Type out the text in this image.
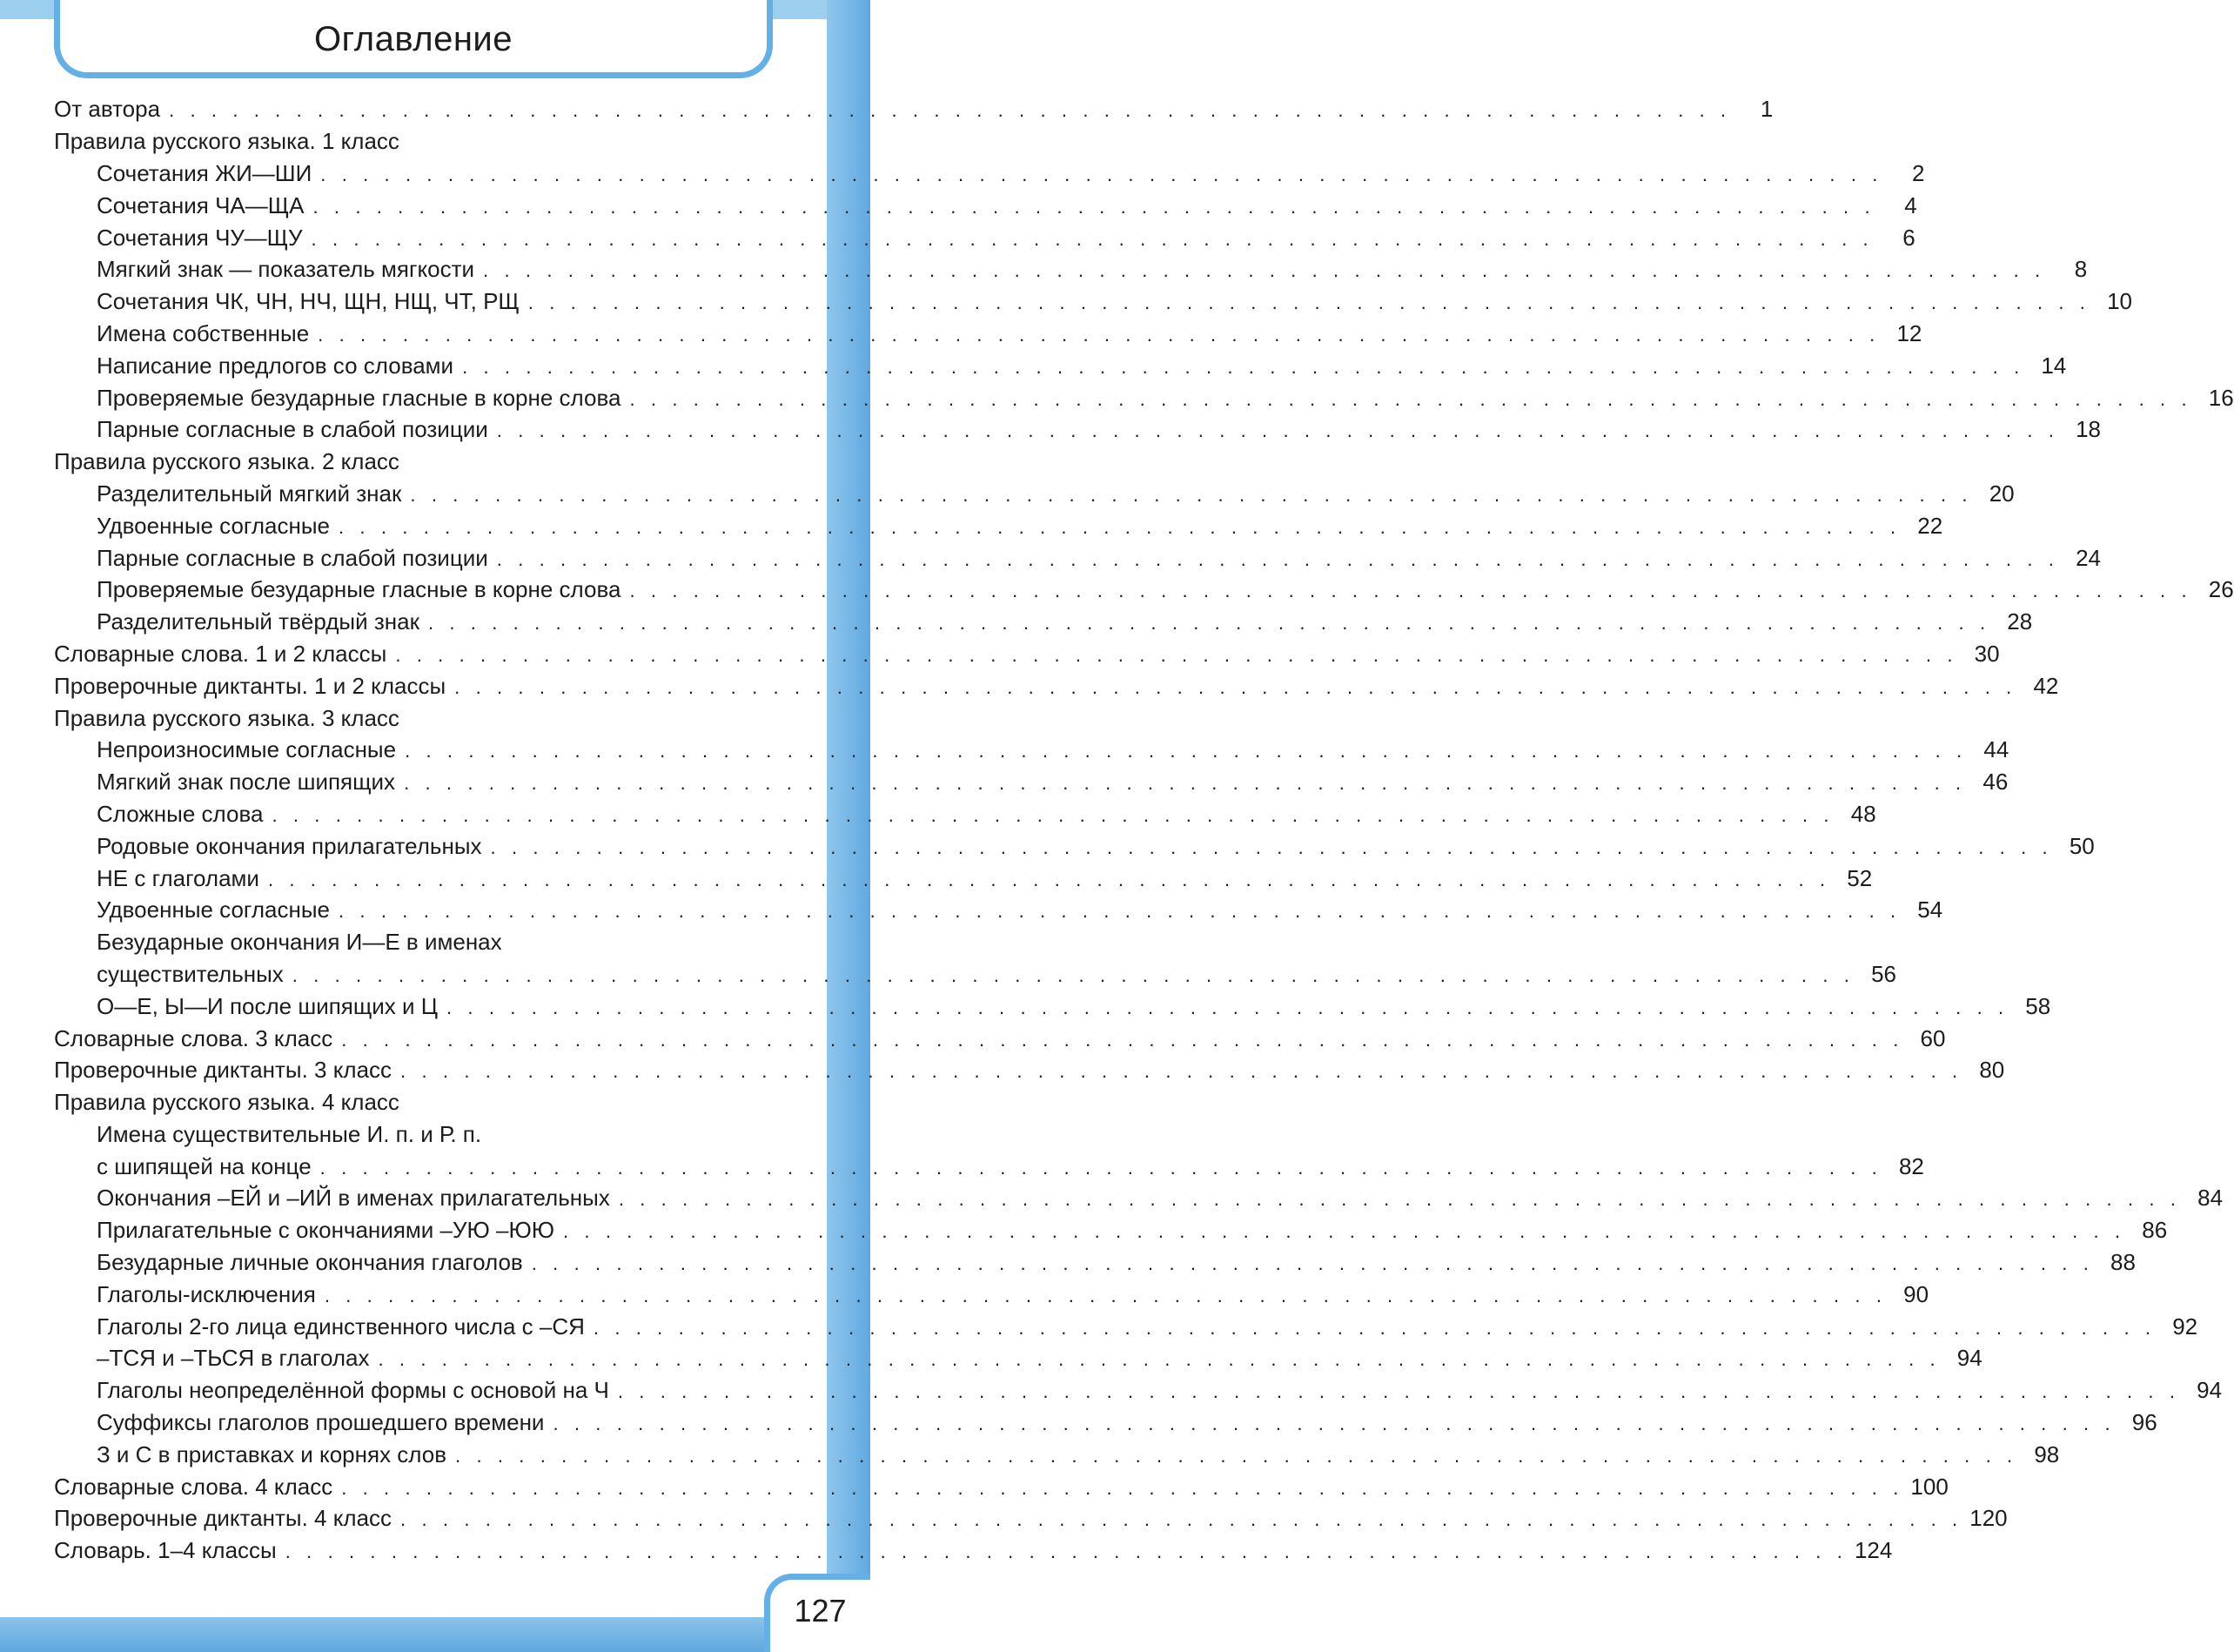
Оглавление
От автора . . . . . . . . . . . . . . . . . . . . . . . . . . . . . . . . . . . . . . . . . . . . . . . . . . . . . . . . . . . . . . . . . . . . . . . . . .	1
Правила русского языка. 1 класс
Сочетания ЖИ—ШИ . . . . . . . . . . . . . . . . . . . . . . . . . . . . . . . . . . . . . . . . . . . . . . . . . . . . . . . . . . . . . . . . . . . . . . . . . .	2
Сочетания ЧА—ЩА . . . . . . . . . . . . . . . . . . . . . . . . . . . . . . . . . . . . . . . . . . . . . . . . . . . . . . . . . . . . . . . . . . . . . . . . . .	4
Сочетания ЧУ—ЩУ . . . . . . . . . . . . . . . . . . . . . . . . . . . . . . . . . . . . . . . . . . . . . . . . . . . . . . . . . . . . . . . . . . . . . . . . . .	6
Мягкий знак — показатель мягкости . . . . . . . . . . . . . . . . . . . . . . . . . . . . . . . . . . . . . . . . . . . . . . . . . . . . . . . . . . . . . . . . . . . . . . . . . .	8
Сочетания ЧК, ЧН, НЧ, ЩН, НЩ, ЧТ, РЩ . . . . . . . . . . . . . . . . . . . . . . . . . . . . . . . . . . . . . . . . . . . . . . . . . . . . . . . . . . . . . . . . . . . . . . . . . . 10
Имена собственные . . . . . . . . . . . . . . . . . . . . . . . . . . . . . . . . . . . . . . . . . . . . . . . . . . . . . . . . . . . . . . . . . . . . . . . . . . 12
Написание предлогов со словами . . . . . . . . . . . . . . . . . . . . . . . . . . . . . . . . . . . . . . . . . . . . . . . . . . . . . . . . . . . . . . . . . . . . . . . . . . 14
Проверяемые безударные гласные в корне слова . . . . . . . . . . . . . . . . . . . . . . . . . . . . . . . . . . . . . . . . . . . . . . . . . . . . . . . . . . . . . . . . . . . . . . . . . . 16
Парные согласные в слабой позиции . . . . . . . . . . . . . . . . . . . . . . . . . . . . . . . . . . . . . . . . . . . . . . . . . . . . . . . . . . . . . . . . . . . . . . . . . . 18
Правила русского языка. 2 класс
Разделительный мягкий знак . . . . . . . . . . . . . . . . . . . . . . . . . . . . . . . . . . . . . . . . . . . . . . . . . . . . . . . . . . . . . . . . . . . . . . . . . . 20
Удвоенные согласные . . . . . . . . . . . . . . . . . . . . . . . . . . . . . . . . . . . . . . . . . . . . . . . . . . . . . . . . . . . . . . . . . . . . . . . . . . 22
Парные согласные в слабой позиции . . . . . . . . . . . . . . . . . . . . . . . . . . . . . . . . . . . . . . . . . . . . . . . . . . . . . . . . . . . . . . . . . . . . . . . . . . 24
Проверяемые безударные гласные в корне слова . . . . . . . . . . . . . . . . . . . . . . . . . . . . . . . . . . . . . . . . . . . . . . . . . . . . . . . . . . . . . . . . . . . . . . . . . . 26
Разделительный твёрдый знак . . . . . . . . . . . . . . . . . . . . . . . . . . . . . . . . . . . . . . . . . . . . . . . . . . . . . . . . . . . . . . . . . . . . . . . . . . 28
Словарные слова. 1 и 2 классы . . . . . . . . . . . . . . . . . . . . . . . . . . . . . . . . . . . . . . . . . . . . . . . . . . . . . . . . . . . . . . . . . . . . . . . . . . 30
Проверочные диктанты. 1 и 2 классы . . . . . . . . . . . . . . . . . . . . . . . . . . . . . . . . . . . . . . . . . . . . . . . . . . . . . . . . . . . . . . . . . . . . . . . . . . 42
Правила русского языка. 3 класс
Непроизносимые согласные . . . . . . . . . . . . . . . . . . . . . . . . . . . . . . . . . . . . . . . . . . . . . . . . . . . . . . . . . . . . . . . . . . . . . . . . . . 44
Мягкий знак после шипящих . . . . . . . . . . . . . . . . . . . . . . . . . . . . . . . . . . . . . . . . . . . . . . . . . . . . . . . . . . . . . . . . . . . . . . . . . . 46
Сложные слова . . . . . . . . . . . . . . . . . . . . . . . . . . . . . . . . . . . . . . . . . . . . . . . . . . . . . . . . . . . . . . . . . . . . . . . . . . 48
Родовые окончания прилагательных . . . . . . . . . . . . . . . . . . . . . . . . . . . . . . . . . . . . . . . . . . . . . . . . . . . . . . . . . . . . . . . . . . . . . . . . . . 50
НЕ с глаголами . . . . . . . . . . . . . . . . . . . . . . . . . . . . . . . . . . . . . . . . . . . . . . . . . . . . . . . . . . . . . . . . . . . . . . . . . . 52
Удвоенные согласные . . . . . . . . . . . . . . . . . . . . . . . . . . . . . . . . . . . . . . . . . . . . . . . . . . . . . . . . . . . . . . . . . . . . . . . . . . 54
Безударные окончания И—Е в именах
существительных . . . . . . . . . . . . . . . . . . . . . . . . . . . . . . . . . . . . . . . . . . . . . . . . . . . . . . . . . . . . . . . . . . . . . . . . . . 56
О—Е, Ы—И после шипящих и Ц . . . . . . . . . . . . . . . . . . . . . . . . . . . . . . . . . . . . . . . . . . . . . . . . . . . . . . . . . . . . . . . . . . . . . . . . . . 58
Словарные слова. 3 класс . . . . . . . . . . . . . . . . . . . . . . . . . . . . . . . . . . . . . . . . . . . . . . . . . . . . . . . . . . . . . . . . . . . . . . . . . . 60
Проверочные диктанты. 3 класс . . . . . . . . . . . . . . . . . . . . . . . . . . . . . . . . . . . . . . . . . . . . . . . . . . . . . . . . . . . . . . . . . . . . . . . . . . 80
Правила русского языка. 4 класс
Имена существительные И. п. и Р. п.
с шипящей на конце . . . . . . . . . . . . . . . . . . . . . . . . . . . . . . . . . . . . . . . . . . . . . . . . . . . . . . . . . . . . . . . . . . . . . . . . . . 82
Окончания –ЕЙ и –ИЙ в именах прилагательных . . . . . . . . . . . . . . . . . . . . . . . . . . . . . . . . . . . . . . . . . . . . . . . . . . . . . . . . . . . . . . . . . . . . . . . . . . 84
Прилагательные с окончаниями –УЮ –ЮЮ . . . . . . . . . . . . . . . . . . . . . . . . . . . . . . . . . . . . . . . . . . . . . . . . . . . . . . . . . . . . . . . . . . . . . . . . . . 86
Безударные личные окончания глаголов . . . . . . . . . . . . . . . . . . . . . . . . . . . . . . . . . . . . . . . . . . . . . . . . . . . . . . . . . . . . . . . . . . . . . . . . . . 88
Глаголы-исключения . . . . . . . . . . . . . . . . . . . . . . . . . . . . . . . . . . . . . . . . . . . . . . . . . . . . . . . . . . . . . . . . . . . . . . . . . . 90
Глаголы 2-го лица единственного числа с –СЯ . . . . . . . . . . . . . . . . . . . . . . . . . . . . . . . . . . . . . . . . . . . . . . . . . . . . . . . . . . . . . . . . . . . . . . . . . . 92
–ТСЯ и –ТЬСЯ в глаголах . . . . . . . . . . . . . . . . . . . . . . . . . . . . . . . . . . . . . . . . . . . . . . . . . . . . . . . . . . . . . . . . . . . . . . . . . . 94
Глаголы неопределённой формы с основой на Ч . . . . . . . . . . . . . . . . . . . . . . . . . . . . . . . . . . . . . . . . . . . . . . . . . . . . . . . . . . . . . . . . . . . . . . . . . . 94
Суффиксы глаголов прошедшего времени . . . . . . . . . . . . . . . . . . . . . . . . . . . . . . . . . . . . . . . . . . . . . . . . . . . . . . . . . . . . . . . . . . . . . . . . . . 96
З и С в приставках и корнях слов . . . . . . . . . . . . . . . . . . . . . . . . . . . . . . . . . . . . . . . . . . . . . . . . . . . . . . . . . . . . . . . . . . . . . . . . . . 98
Словарные слова. 4 класс . . . . . . . . . . . . . . . . . . . . . . . . . . . . . . . . . . . . . . . . . . . . . . . . . . . . . . . . . . . . . . . . . . . . . . . . . . 100
Проверочные диктанты. 4 класс . . . . . . . . . . . . . . . . . . . . . . . . . . . . . . . . . . . . . . . . . . . . . . . . . . . . . . . . . . . . . . . . . . . . . . . . . . 120
Словарь. 1–4 классы . . . . . . . . . . . . . . . . . . . . . . . . . . . . . . . . . . . . . . . . . . . . . . . . . . . . . . . . . . . . . . . . . . . . . . . . . . 124
127
